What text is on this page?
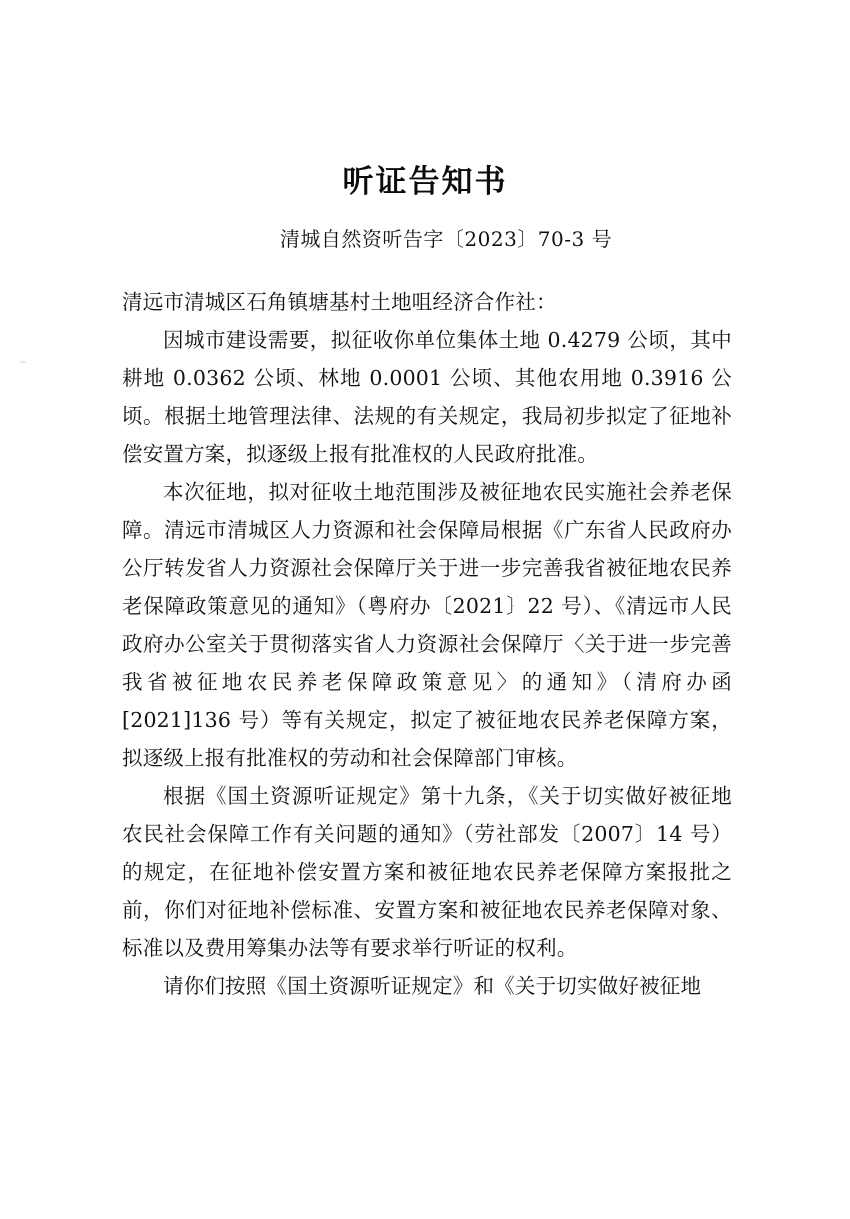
听证告知书
清城自然资听告字〔2023〕70-3 号

清远市清城区石角镇塘基村土地咀经济合作社：

因城市建设需要，拟征收你单位集体土地 0.4279 公顷，其中耕地 0.0362 公顷、林地 0.0001 公顷、其他农用地 0.3916 公顷。根据土地管理法律、法规的有关规定，我局初步拟定了征地补偿安置方案，拟逐级上报有批准权的人民政府批准。

本次征地，拟对征收土地范围涉及被征地农民实施社会养老保障。清远市清城区人力资源和社会保障局根据《广东省人民政府办公厅转发省人力资源社会保障厅关于进一步完善我省被征地农民养老保障政策意见的通知》（粤府办〔2021〕22 号）、《清远市人民政府办公室关于贯彻落实省人力资源社会保障厅〈关于进一步完善我省被征地农民养老保障政策意见〉的通知》（清府办函[2021]136 号）等有关规定，拟定了被征地农民养老保障方案，拟逐级上报有批准权的劳动和社会保障部门审核。

根据《国土资源听证规定》第十九条，《关于切实做好被征地农民社会保障工作有关问题的通知》（劳社部发〔2007〕14 号）的规定，在征地补偿安置方案和被征地农民养老保障方案报批之前，你们对征地补偿标准、安置方案和被征地农民养老保障对象、标准以及费用筹集办法等有要求举行听证的权利。

请你们按照《国土资源听证规定》和《关于切实做好被征地
